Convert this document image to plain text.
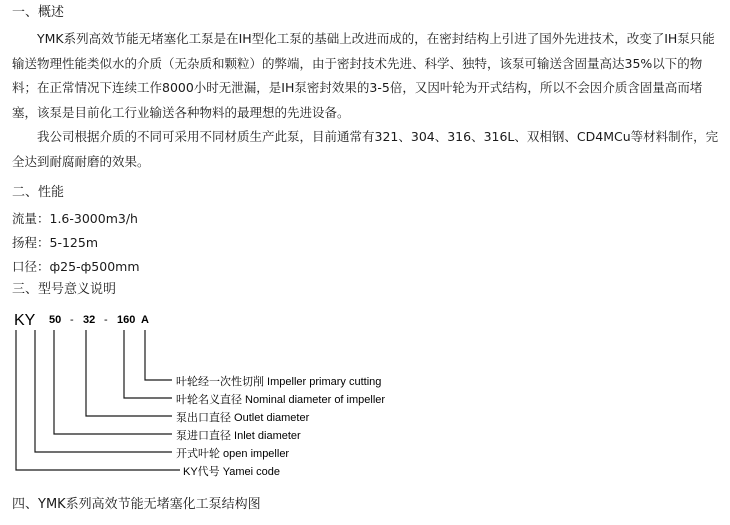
一、概述

YMK系列高效节能无堵塞化工泵是在IH型化工泵的基础上改进而成的，在密封结构上引进了国外先进技术，改变了IH泵只能输送物理性能类似水的介质（无杂质和颗粒）的弊端，由于密封技术先进、科学、独特，该泵可输送含固量高达35%以下的物料；在正常情况下连续工作8000小时无泄漏，是IH泵密封效果的3-5倍，又因叶轮为开式结构，所以不会因介质含固量高而堵塞，该泵是目前化工行业输送各种物料的最理想的先进设备。

我公司根据介质的不同可采用不同材质生产此泵，目前通常有321、304、316、316L、双相钢、CD4MCu等材料制作，完全达到耐腐耐磨的效果。

二、性能
流量：1.6-3000m3/h
扬程：5-125m
口径：ф25-ф500mm
三、型号意义说明
KY 50 - 32 - 160 A
叶轮经一次性切削 Impeller primary cutting
叶轮名义直径 Nominal diameter of impeller
泵出口直径 Outlet diameter
泵进口直径 Inlet diameter
开式叶轮 open impeller
KY代号 Yamei code
四、YMK系列高效节能无堵塞化工泵结构图
